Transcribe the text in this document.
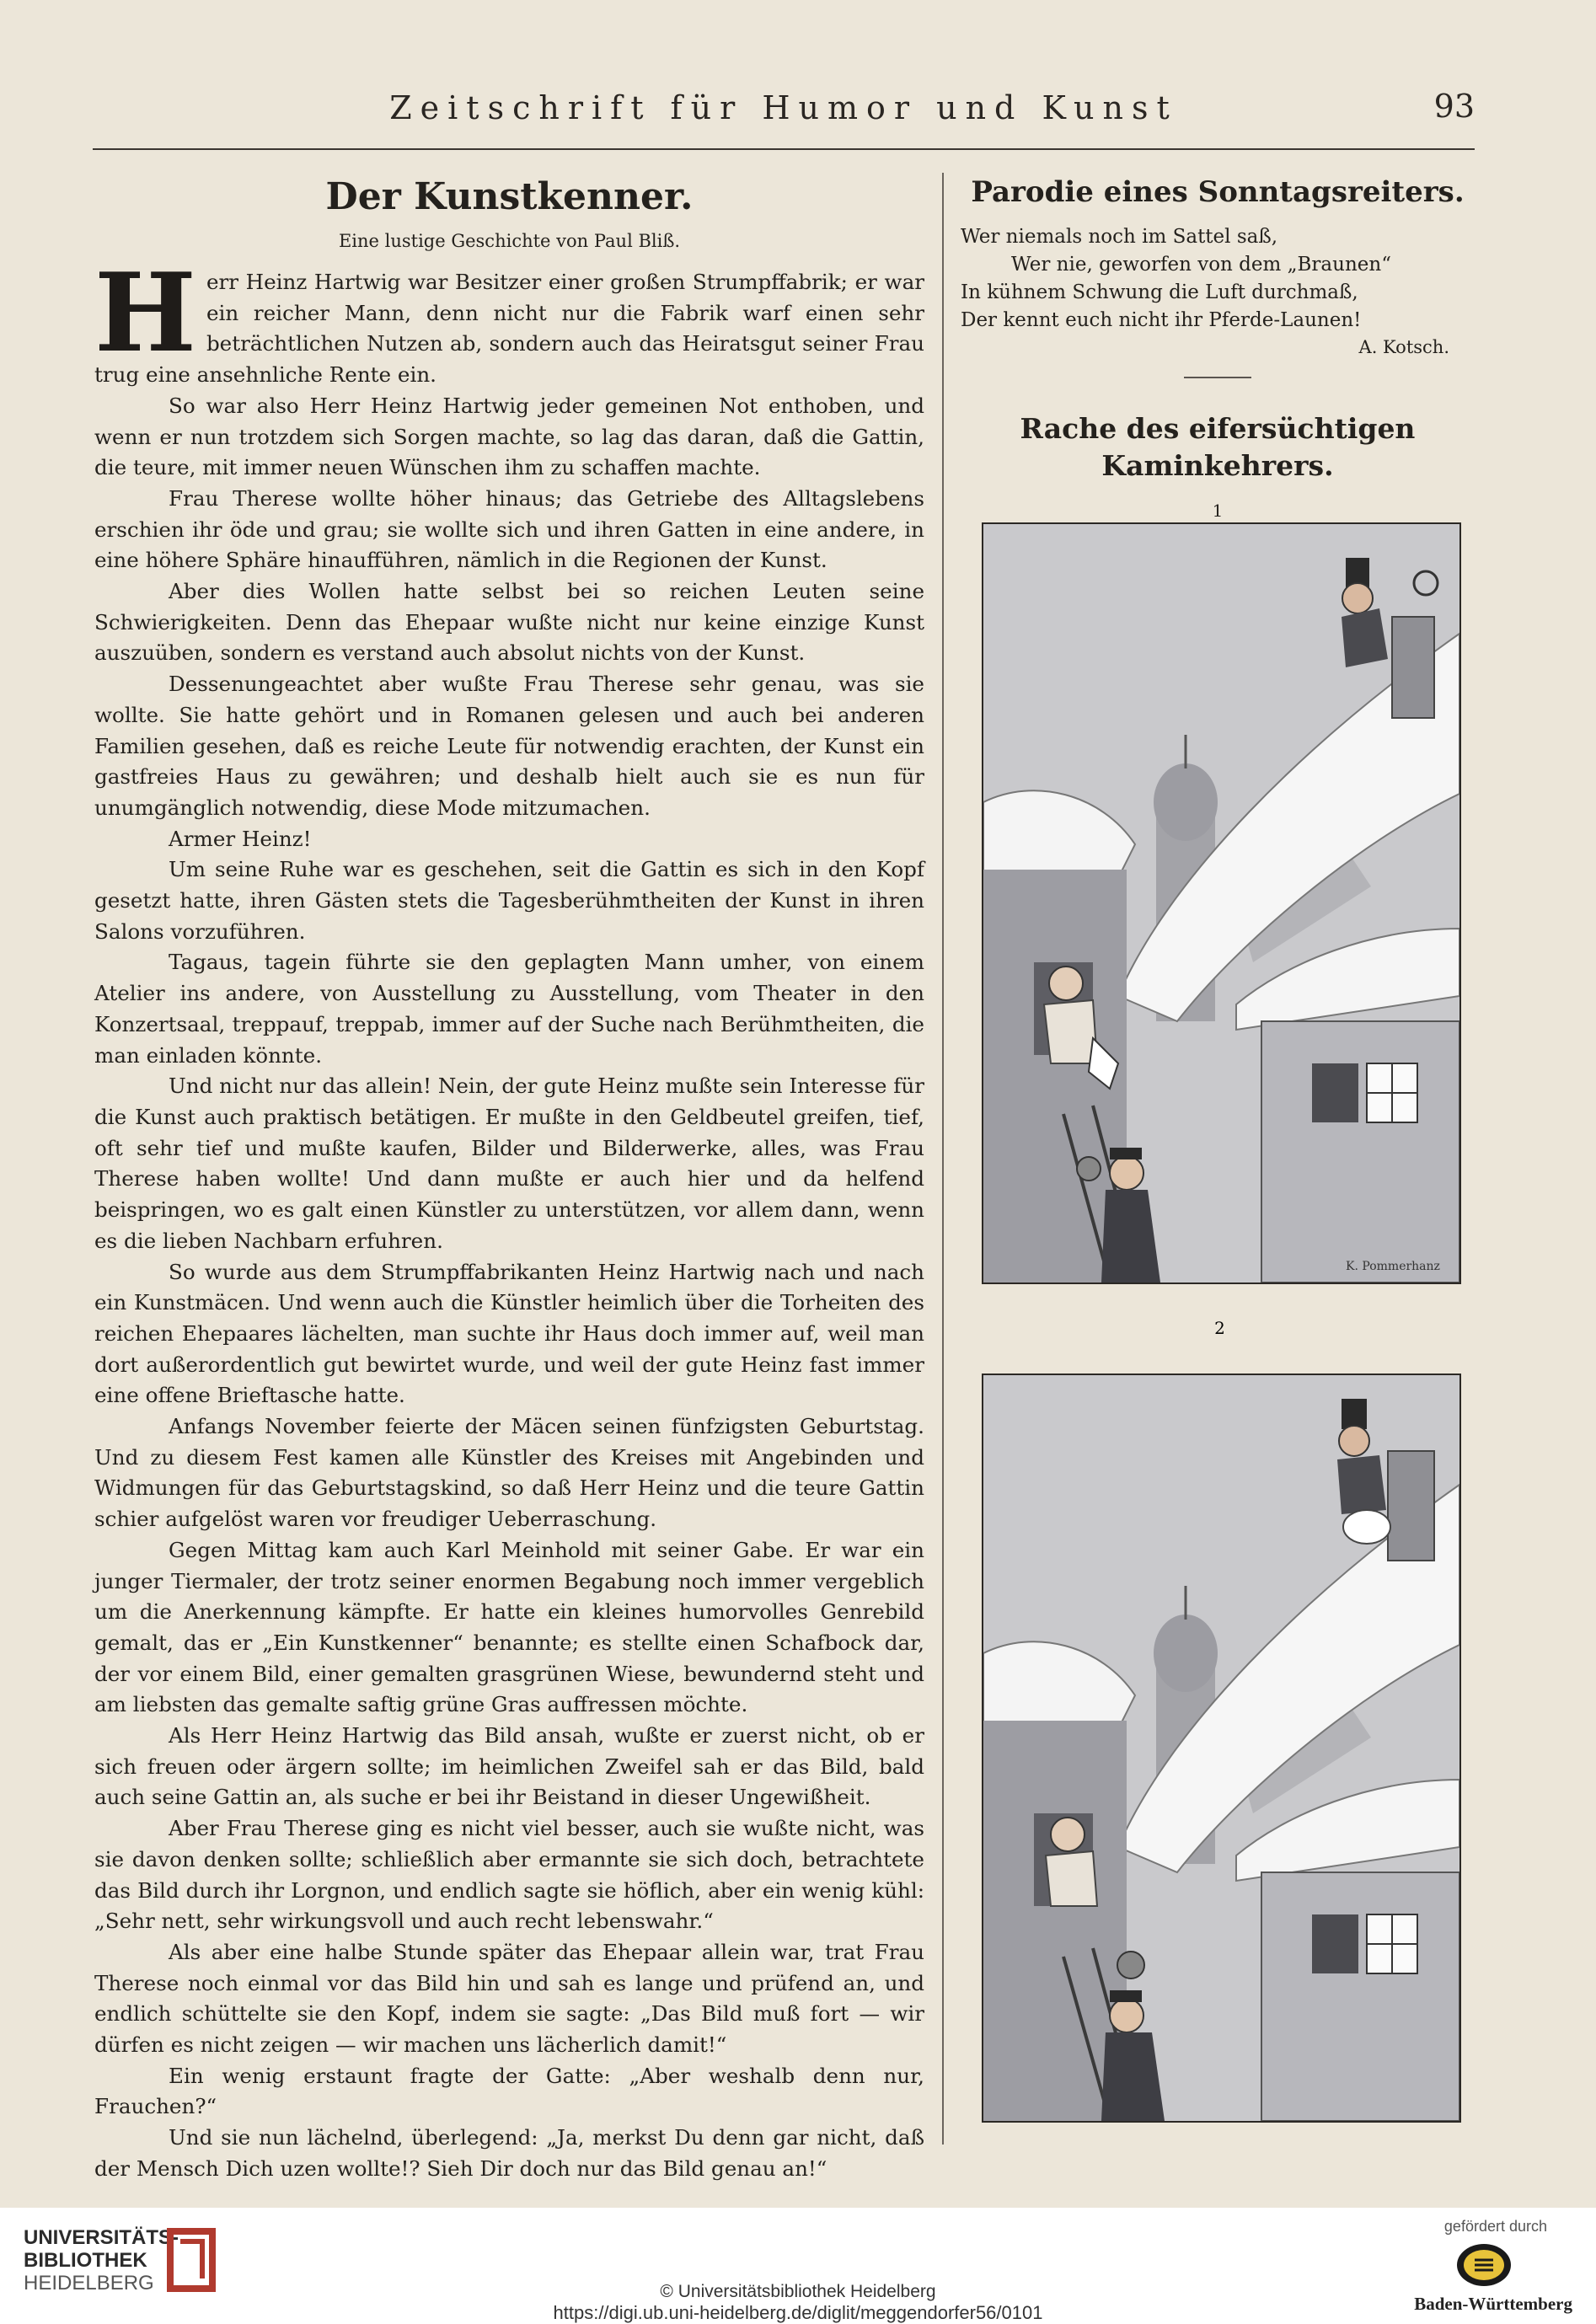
Zeitschrift für Humor und Kunst	93
Der Kunstkenner.
Eine lustige Geschichte von Paul Bliß.

Herr Heinz Hartwig war Besitzer einer großen Strumpffabrik; er war ein reicher Mann, denn nicht nur die Fabrik warf einen sehr beträchtlichen Nutzen ab, sondern auch das Heiratsgut seiner Frau trug eine ansehnliche Rente ein.

So war also Herr Heinz Hartwig jeder gemeinen Not enthoben, und wenn er nun trotzdem sich Sorgen machte, so lag das daran, daß die Gattin, die teure, mit immer neuen Wünschen ihm zu schaffen machte.

Frau Therese wollte höher hinaus; das Getriebe des Alltagslebens erschien ihr öde und grau; sie wollte sich und ihren Gatten in eine andere, in eine höhere Sphäre hinaufführen, nämlich in die Regionen der Kunst.

Aber dies Wollen hatte selbst bei so reichen Leuten seine Schwierigkeiten. Denn das Ehepaar wußte nicht nur keine einzige Kunst auszuüben, sondern es verstand auch absolut nichts von der Kunst.

Dessenungeachtet aber wußte Frau Therese sehr genau, was sie wollte. Sie hatte gehört und in Romanen gelesen und auch bei anderen Familien gesehen, daß es reiche Leute für notwendig erachten, der Kunst ein gastfreies Haus zu gewähren; und deshalb hielt auch sie es nun für unumgänglich notwendig, diese Mode mitzumachen.

Armer Heinz!

Um seine Ruhe war es geschehen, seit die Gattin es sich in den Kopf gesetzt hatte, ihren Gästen stets die Tagesberühmtheiten der Kunst in ihren Salons vorzuführen.

Tagaus, tagein führte sie den geplagten Mann umher, von einem Atelier ins andere, von Ausstellung zu Ausstellung, vom Theater in den Konzertsaal, treppauf, treppab, immer auf der Suche nach Berühmtheiten, die man einladen könnte.

Und nicht nur das allein! Nein, der gute Heinz mußte sein Interesse für die Kunst auch praktisch betätigen. Er mußte in den Geldbeutel greifen, tief, oft sehr tief und mußte kaufen, Bilder und Bilderwerke, alles, was Frau Therese haben wollte! Und dann mußte er auch hier und da helfend beispringen, wo es galt einen Künstler zu unterstützen, vor allem dann, wenn es die lieben Nachbarn erfuhren.

So wurde aus dem Strumpffabrikanten Heinz Hartwig nach und nach ein Kunstmäcen. Und wenn auch die Künstler heimlich über die Torheiten des reichen Ehepaares lächelten, man suchte ihr Haus doch immer auf, weil man dort außerordentlich gut bewirtet wurde, und weil der gute Heinz fast immer eine offene Brieftasche hatte.

Anfangs November feierte der Mäcen seinen fünfzigsten Geburtstag. Und zu diesem Fest kamen alle Künstler des Kreises mit Angebinden und Widmungen für das Geburtstagskind, so daß Herr Heinz und die teure Gattin schier aufgelöst waren vor freudiger Ueberraschung.

Gegen Mittag kam auch Karl Meinhold mit seiner Gabe. Er war ein junger Tiermaler, der trotz seiner enormen Begabung noch immer vergeblich um die Anerkennung kämpfte. Er hatte ein kleines humorvolles Genrebild gemalt, das er „Ein Kunstkenner“ benannte; es stellte einen Schafbock dar, der vor einem Bild, einer gemalten grasgrünen Wiese, bewundernd steht und am liebsten das gemalte saftig grüne Gras auffressen möchte.

Als Herr Heinz Hartwig das Bild ansah, wußte er zuerst nicht, ob er sich freuen oder ärgern sollte; im heimlichen Zweifel sah er das Bild, bald auch seine Gattin an, als suche er bei ihr Beistand in dieser Ungewißheit.

Aber Frau Therese ging es nicht viel besser, auch sie wußte nicht, was sie davon denken sollte; schließlich aber ermannte sie sich doch, betrachtete das Bild durch ihr Lorgnon, und endlich sagte sie höflich, aber ein wenig kühl: „Sehr nett, sehr wirkungsvoll und auch recht lebenswahr.“

Als aber eine halbe Stunde später das Ehepaar allein war, trat Frau Therese noch einmal vor das Bild hin und sah es lange und prüfend an, und endlich schüttelte sie den Kopf, indem sie sagte: „Das Bild muß fort — wir dürfen es nicht zeigen — wir machen uns lächerlich damit!“

Ein wenig erstaunt fragte der Gatte: „Aber weshalb denn nur, Frauchen?“

Und sie nun lächelnd, überlegend: „Ja, merkst Du denn gar nicht, daß der Mensch Dich uzen wollte!? Sieh Dir doch nur das Bild genau an!“

Parodie eines Sonntagsreiters.
Wer niemals noch im Sattel saß,
Wer nie, geworfen von dem „Braunen“
In kühnem Schwung die Luft durchmaß,
Der kennt euch nicht ihr Pferde-Launen!
A. Kotsch.
Rache des eifersüchtigen Kaminkehrers.
1
K. Pommerhanz
2
UNIVERSITÄTS-
BIBLIOTHEK
HEIDELBERG	© Universitätsbibliothek Heidelberg
https://digi.ub.uni-heidelberg.de/diglit/meggendorfer56/0101
gefördert durch
Baden-Württemberg
